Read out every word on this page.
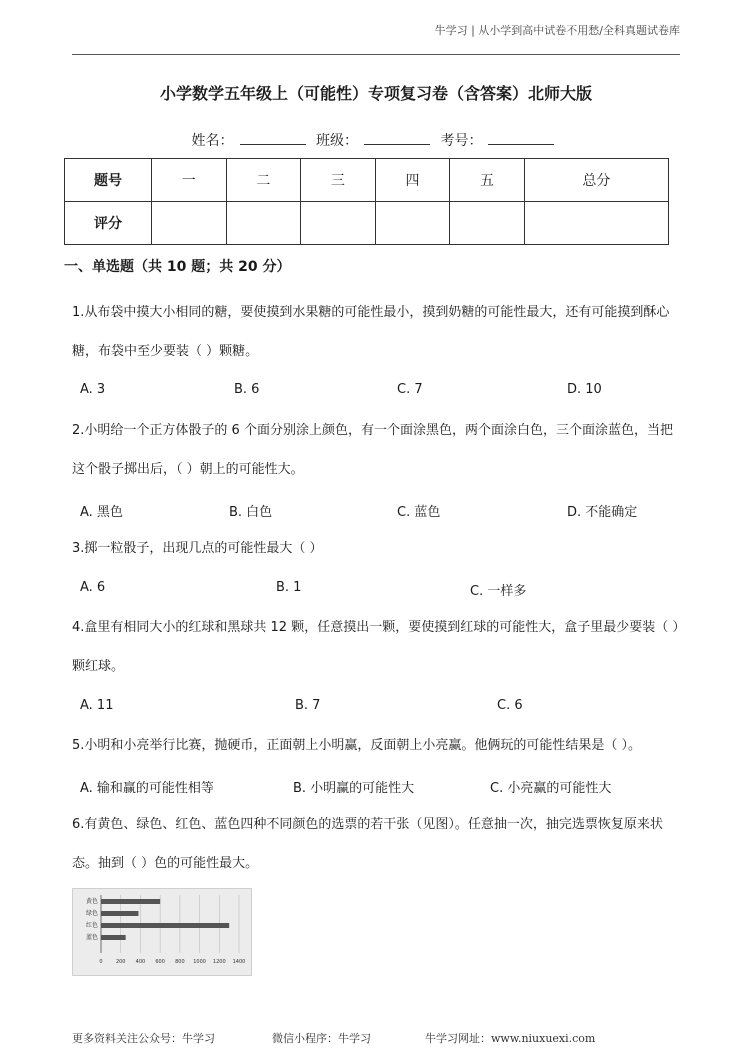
牛学习 | 从小学到高中试卷不用愁/全科真题试卷库
小学数学五年级上（可能性）专项复习卷（含答案）北师大版
姓名：	班级：	考号：
题号	一	二	三	四	五	总分
评分						
一、单选题（共 10 题；共 20 分）
1.从布袋中摸大小相同的糖，要使摸到水果糖的可能性最小，摸到奶糖的可能性最大，还有可能摸到酥心
糖，布袋中至少要装（ ）颗糖。
A. 3	B. 6	C. 7	D. 10
2.小明给一个正方体骰子的 6 个面分别涂上颜色，有一个面涂黑色，两个面涂白色，三个面涂蓝色，当把
这个骰子掷出后，（ ）朝上的可能性大。
A. 黑色	B. 白色	C. 蓝色	D. 不能确定
3.掷一粒骰子，出现几点的可能性最大（ ）
A. 6	B. 1	C. 一样多
4.盒里有相同大小的红球和黑球共 12 颗，任意摸出一颗，要使摸到红球的可能性大，盒子里最少要装（ ）
颗红球。
A. 11	B. 7	C. 6
5.小明和小亮举行比赛，抛硬币，正面朝上小明赢，反面朝上小亮赢。他俩玩的可能性结果是（ ）。
A. 输和赢的可能性相等	B. 小明赢的可能性大	C. 小亮赢的可能性大
6.有黄色、绿色、红色、蓝色四种不同颜色的选票的若干张（见图）。任意抽一次，抽完选票恢复原来状
态。抽到（ ）色的可能性最大。
0	200 400 600 800 1000 1200 1400
黄色
绿色
红色
蓝色
更多资料关注公众号：牛学习	微信小程序：牛学习	牛学习网址：www.niuxuexi.com
